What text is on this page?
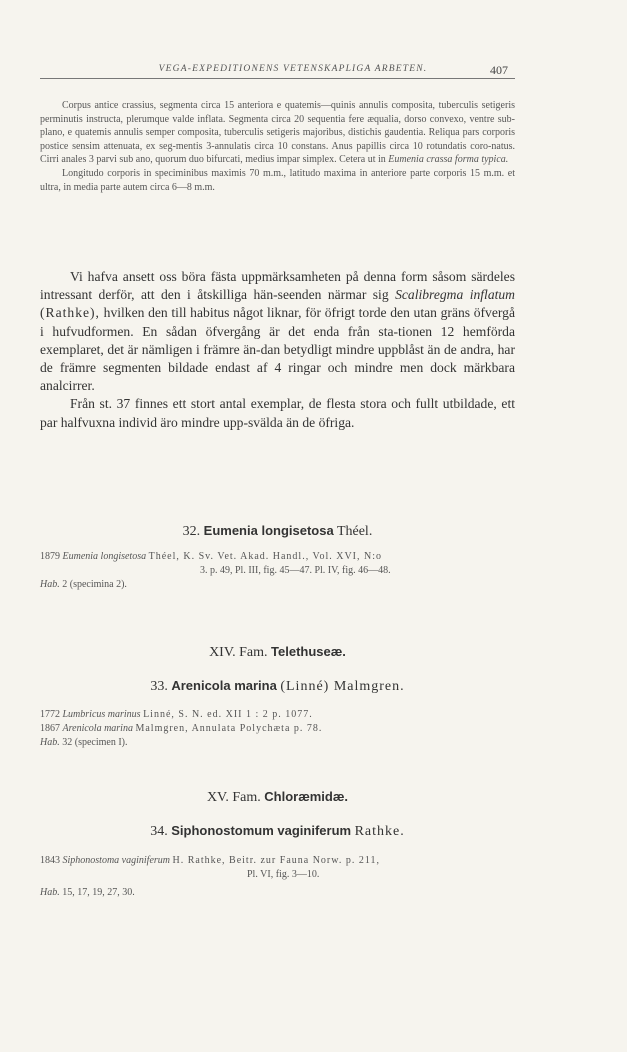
VEGA-EXPEDITIONENS VETENSKAPLIGA ARBETEN.	407

Corpus antice crassius, segmenta circa 15 anteriora e quatemis—quinis annulis composita, tuberculis setigeris perminutis instructa, plerumque valde inflata. Segmenta circa 20 sequentia fere æqualia, dorso convexo, ventre sub-plano, e quatemis annulis semper composita, tuberculis setigeris majoribus, distichis gaudentia. Reliqua pars corporis postice sensim attenuata, ex seg-mentis 3-annulatis circa 10 constans. Anus papillis circa 10 rotundatis coro-natus. Cirri anales 3 parvi sub ano, quorum duo bifurcati, medius impar simplex. Cetera ut in Eumenia crassa forma typica.

Longitudo corporis in speciminibus maximis 70 m.m., latitudo maxima in anteriore parte corporis 15 m.m. et ultra, in media parte autem circa 6—8 m.m.

Vi hafva ansett oss böra fästa uppmärksamheten på denna form såsom särdeles intressant derför, att den i åtskilliga hän-seenden närmar sig Scalibregma inflatum (Rathke), hvilken den till habitus något liknar, för öfrigt torde den utan gräns öfvergå i hufvudformen. En sådan öfvergång är det enda från sta-tionen 12 hemförda exemplaret, det är nämligen i främre än-dan betydligt mindre uppblåst än de andra, har de främre segmenten bildade endast af 4 ringar och mindre men dock märkbara analcirrer.

Från st. 37 finnes ett stort antal exemplar, de flesta stora och fullt utbildade, ett par halfvuxna individ äro mindre upp-svälda än de öfriga.

32. Eumenia longisetosa Théel.
1879 Eumenia longisetosa Théel, K. Sv. Vet. Akad. Handl., Vol. XVI, N:o
3. p. 49, Pl. III, fig. 45—47. Pl. IV, fig. 46—48.
Hab. 2 (specimina 2).
XIV. Fam. Telethuseæ.
33. Arenicola marina (Linné) Malmgren.
1772 Lumbricus marinus Linné, S. N. ed. XII 1 : 2 p. 1077.
1867 Arenicola marina Malmgren, Annulata Polychæta p. 78.
Hab. 32 (specimen I).
XV. Fam. Chloræmidæ.
34. Siphonostomum vaginiferum Rathke.
1843 Siphonostoma vaginiferum H. Rathke, Beitr. zur Fauna Norw. p. 211,
Pl. VI, fig. 3—10.
Hab. 15, 17, 19, 27, 30.
